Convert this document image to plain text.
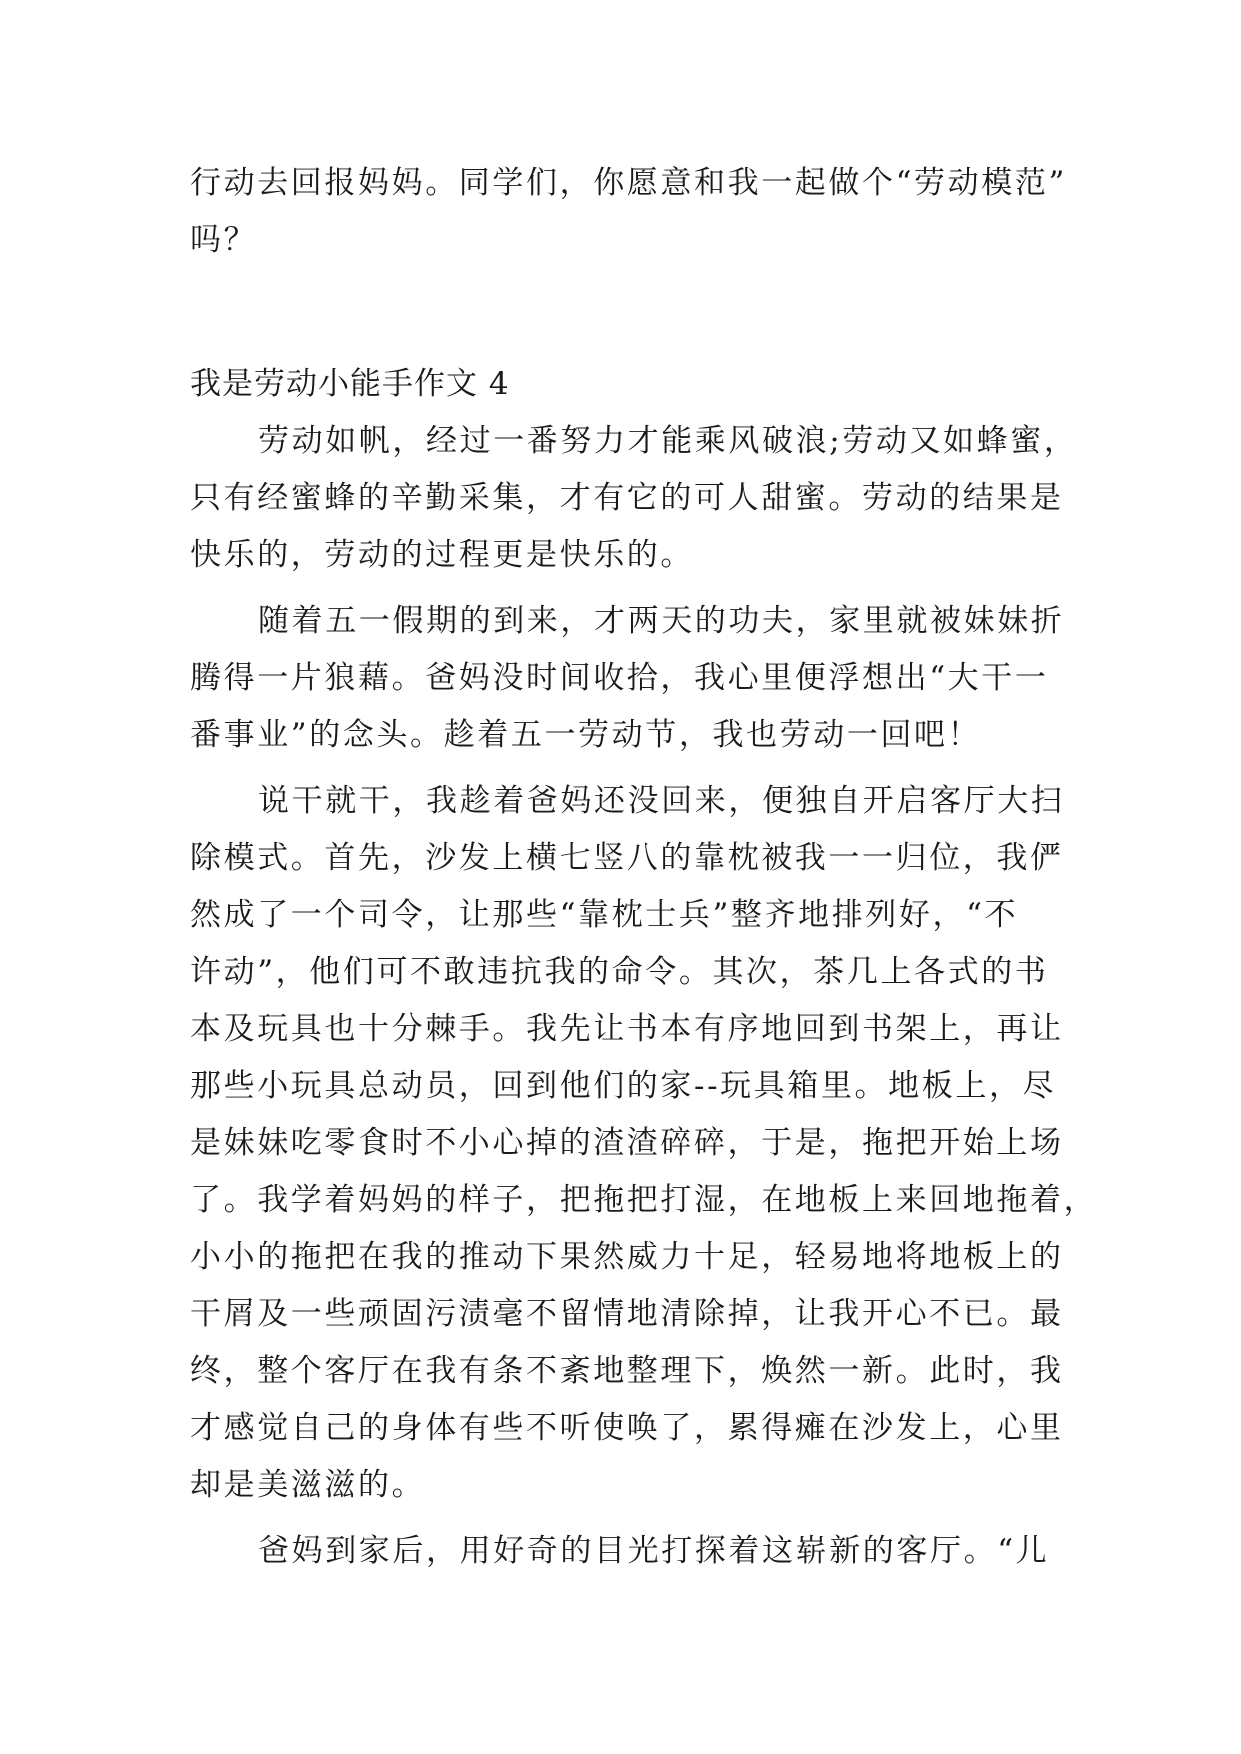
行动去回报妈妈。同学们，你愿意和我一起做个“劳动模范”
吗？
我是劳动小能手作文 4
劳动如帆，经过一番努力才能乘风破浪;劳动又如蜂蜜，
只有经蜜蜂的辛勤采集，才有它的可人甜蜜。劳动的结果是
快乐的，劳动的过程更是快乐的。
随着五一假期的到来，才两天的功夫，家里就被妹妹折
腾得一片狼藉。爸妈没时间收拾，我心里便浮想出“大干一
番事业”的念头。趁着五一劳动节，我也劳动一回吧！
说干就干，我趁着爸妈还没回来，便独自开启客厅大扫
除模式。首先，沙发上横七竖八的靠枕被我一一归位，我俨
然成了一个司令，让那些“靠枕士兵”整齐地排列好，“不
许动”，他们可不敢违抗我的命令。其次，茶几上各式的书
本及玩具也十分棘手。我先让书本有序地回到书架上，再让
那些小玩具总动员，回到他们的家--玩具箱里。地板上，尽
是妹妹吃零食时不小心掉的渣渣碎碎，于是，拖把开始上场
了。我学着妈妈的样子，把拖把打湿，在地板上来回地拖着，
小小的拖把在我的推动下果然威力十足，轻易地将地板上的
干屑及一些顽固污渍毫不留情地清除掉，让我开心不已。最
终，整个客厅在我有条不紊地整理下，焕然一新。此时，我
才感觉自己的身体有些不听使唤了，累得瘫在沙发上，心里
却是美滋滋的。
爸妈到家后，用好奇的目光打探着这崭新的客厅。“儿
